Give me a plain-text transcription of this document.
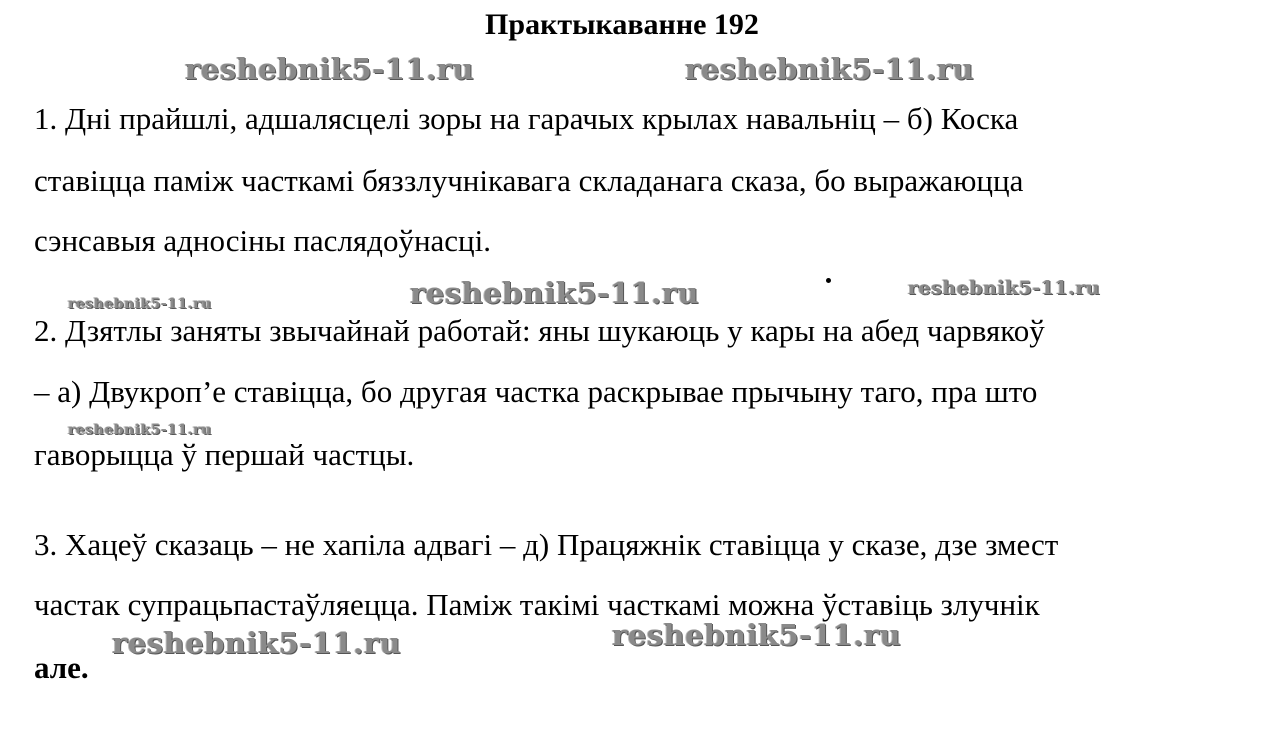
Практыкаванне 192
reshebnik5-11.ru	reshebnik5-11.ru
reshebnik5-11.ru	reshebnik5-11.ru	reshebnik5-11.ru
reshebnik5-11.ru
reshebnik5-11.ru	reshebnik5-11.ru
1. Дні прайшлі, адшалясцелі зоры на гарачых крылах навальніц – б) Коска
ставіцца паміж часткамі бяззлучнікавага складанага сказа, бо выражаюцца
сэнсавыя адносіны паслядоўнасці.
2. Дзятлы заняты звычайнай работай: яны шукаюць у кары на абед чарвякоў
– а) Двукроп’е ставіцца, бо другая частка раскрывае прычыну таго, пра што
гаворыцца ў першай частцы.
3. Хацеў сказаць – не хапіла адвагі – д) Працяжнік ставіцца у сказе, дзе змест
частак супрацьпастаўляецца. Паміж такімі часткамі можна ўставіць злучнік
але.
